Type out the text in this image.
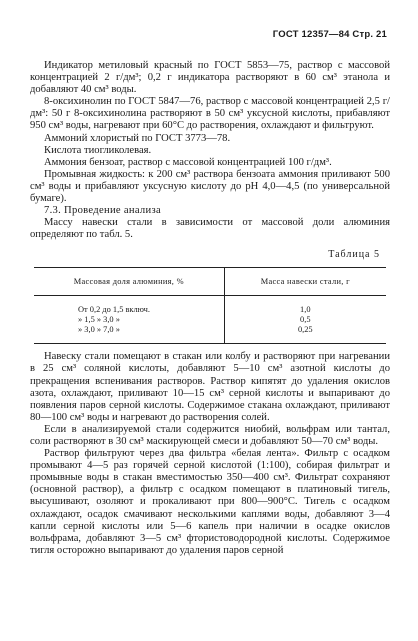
ГОСТ 12357—84 Стр. 21

Индикатор метиловый красный по ГОСТ 5853—75, раствор с массовой концентрацией 2 г/дм³; 0,2 г индикатора растворяют в 60 см³ этанола и добавляют 40 см³ воды.

8-оксихинолин по ГОСТ 5847—76, раствор с массовой концентрацией 2,5 г/дм³: 50 г 8-оксихинолина растворяют в 50 см³ уксусной кислоты, прибавляют 950 см³ воды, нагревают при 60°С до растворения, охлаждают и фильтруют.

Аммоний хлористый по ГОСТ 3773—78.

Кислота тиогликолевая.

Аммония бензоат, раствор с массовой концентрацией 100 г/дм³.

Промывная жидкость: к 200 см³ раствора бензоата аммония приливают 500 см³ воды и прибавляют уксусную кислоту до рН 4,0—4,5 (по универсальной бумаге).

7.3. Проведение анализа

Массу навески стали в зависимости от массовой доли алюминия определяют по табл. 5.

Таблица 5
Массовая доля алюминия, %	Масса навески стали, г
От 0,2 до 1,5 включ.	1,0
» 1,5 » 3,0 »	0,5
» 3,0 » 7,0 »	0,25

Навеску стали помещают в стакан или колбу и растворяют при нагревании в 25 см³ соляной кислоты, добавляют 5—10 см³ азотной кислоты до прекращения вспенивания растворов. Раствор кипятят до удаления окислов азота, охлаждают, приливают 10—15 см³ серной кислоты и выпаривают до появления паров серной кислоты. Содержимое стакана охлаждают, приливают 80—100 см³ воды и нагревают до растворения солей.

Если в анализируемой стали содержится ниобий, вольфрам или тантал, соли растворяют в 30 см³ маскирующей смеси и добавляют 50—70 см³ воды.

Раствор фильтруют через два фильтра «белая лента». Фильтр с осадком промывают 4—5 раз горячей серной кислотой (1:100), собирая фильтрат и промывные воды в стакан вместимостью 350—400 см³. Фильтрат сохраняют (основной раствор), а фильтр с осадком помещают в платиновый тигель, высушивают, озоляют и прокаливают при 800—900°С. Тигель с осадком охлаждают, осадок смачивают несколькими каплями воды, добавляют 3—4 капли серной кислоты или 5—6 капель при наличии в осадке окислов вольфрама, добавляют 3—5 см³ фтористоводородной кислоты. Содержимое тигля осторожно выпаривают до удаления паров серной
